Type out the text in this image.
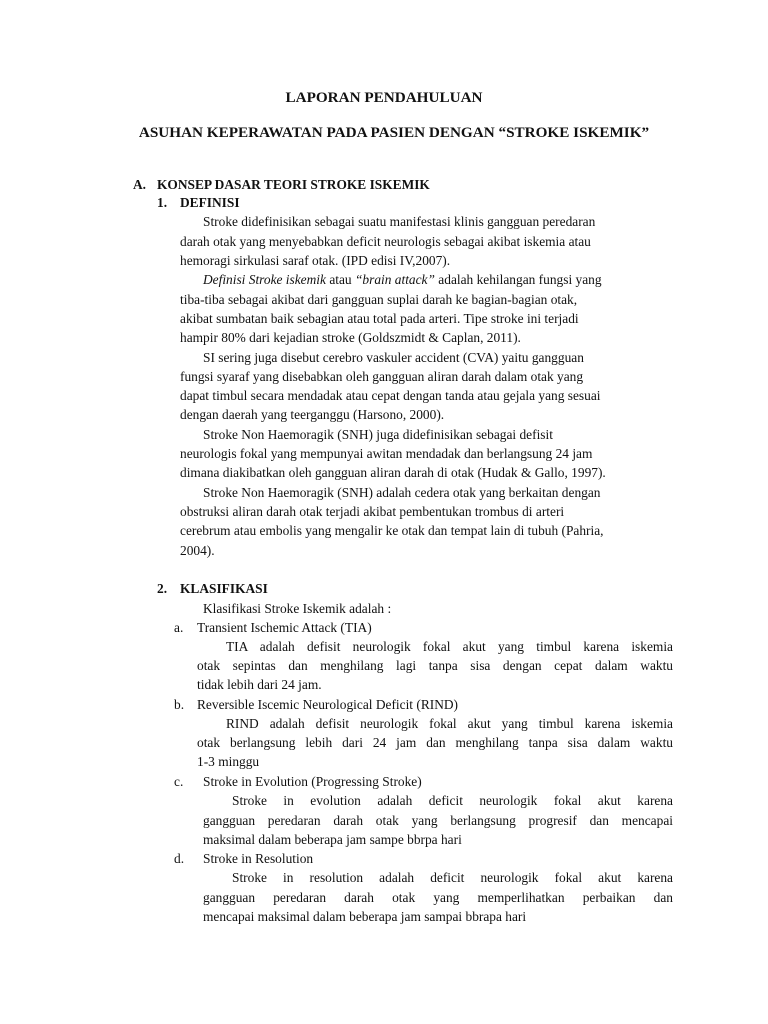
LAPORAN PENDAHULUAN
ASUHAN KEPERAWATAN PADA PASIEN DENGAN “STROKE ISKEMIK”
A. KONSEP DASAR TEORI STROKE ISKEMIK
1. DEFINISI
Stroke didefinisikan sebagai suatu manifestasi klinis gangguan peredaran
darah otak yang menyebabkan deficit neurologis sebagai akibat iskemia atau
hemoragi sirkulasi saraf otak. (IPD edisi IV,2007).
Definisi Stroke iskemik atau “brain attack” adalah kehilangan fungsi yang
tiba-tiba sebagai akibat dari gangguan suplai darah ke bagian-bagian otak,
akibat sumbatan baik sebagian atau total pada arteri. Tipe stroke ini terjadi
hampir 80% dari kejadian stroke (Goldszmidt & Caplan, 2011).
SI sering juga disebut cerebro vaskuler accident (CVA) yaitu gangguan
fungsi syaraf yang disebabkan oleh gangguan aliran darah dalam otak yang
dapat timbul secara mendadak atau cepat dengan tanda atau gejala yang sesuai
dengan daerah yang teerganggu (Harsono, 2000).
Stroke Non Haemoragik (SNH) juga didefinisikan sebagai defisit
neurologis fokal yang mempunyai awitan mendadak dan berlangsung 24 jam
dimana diakibatkan oleh gangguan aliran darah di otak (Hudak & Gallo, 1997).
Stroke Non Haemoragik (SNH) adalah cedera otak yang berkaitan dengan
obstruksi aliran darah otak terjadi akibat pembentukan trombus di arteri
cerebrum atau embolis yang mengalir ke otak dan tempat lain di tubuh (Pahria,
2004).
2. KLASIFIKASI
Klasifikasi Stroke Iskemik adalah :
a. Transient Ischemic Attack (TIA)
TIA adalah defisit neurologik fokal akut yang timbul karena iskemia
otak sepintas dan menghilang lagi tanpa sisa dengan cepat dalam waktu
tidak lebih dari 24 jam.
b. Reversible Iscemic Neurological Deficit (RIND)
RIND adalah defisit neurologik fokal akut yang timbul karena iskemia
otak berlangsung lebih dari 24 jam dan menghilang tanpa sisa dalam waktu
1-3 minggu
c. Stroke in Evolution (Progressing Stroke)
Stroke in evolution adalah deficit neurologik fokal akut karena
gangguan peredaran darah otak yang berlangsung progresif dan mencapai
maksimal dalam beberapa jam sampe bbrpa hari
d. Stroke in Resolution
Stroke in resolution adalah deficit neurologik fokal akut karena
gangguan peredaran darah otak yang memperlihatkan perbaikan dan
mencapai maksimal dalam beberapa jam sampai bbrapa hari
